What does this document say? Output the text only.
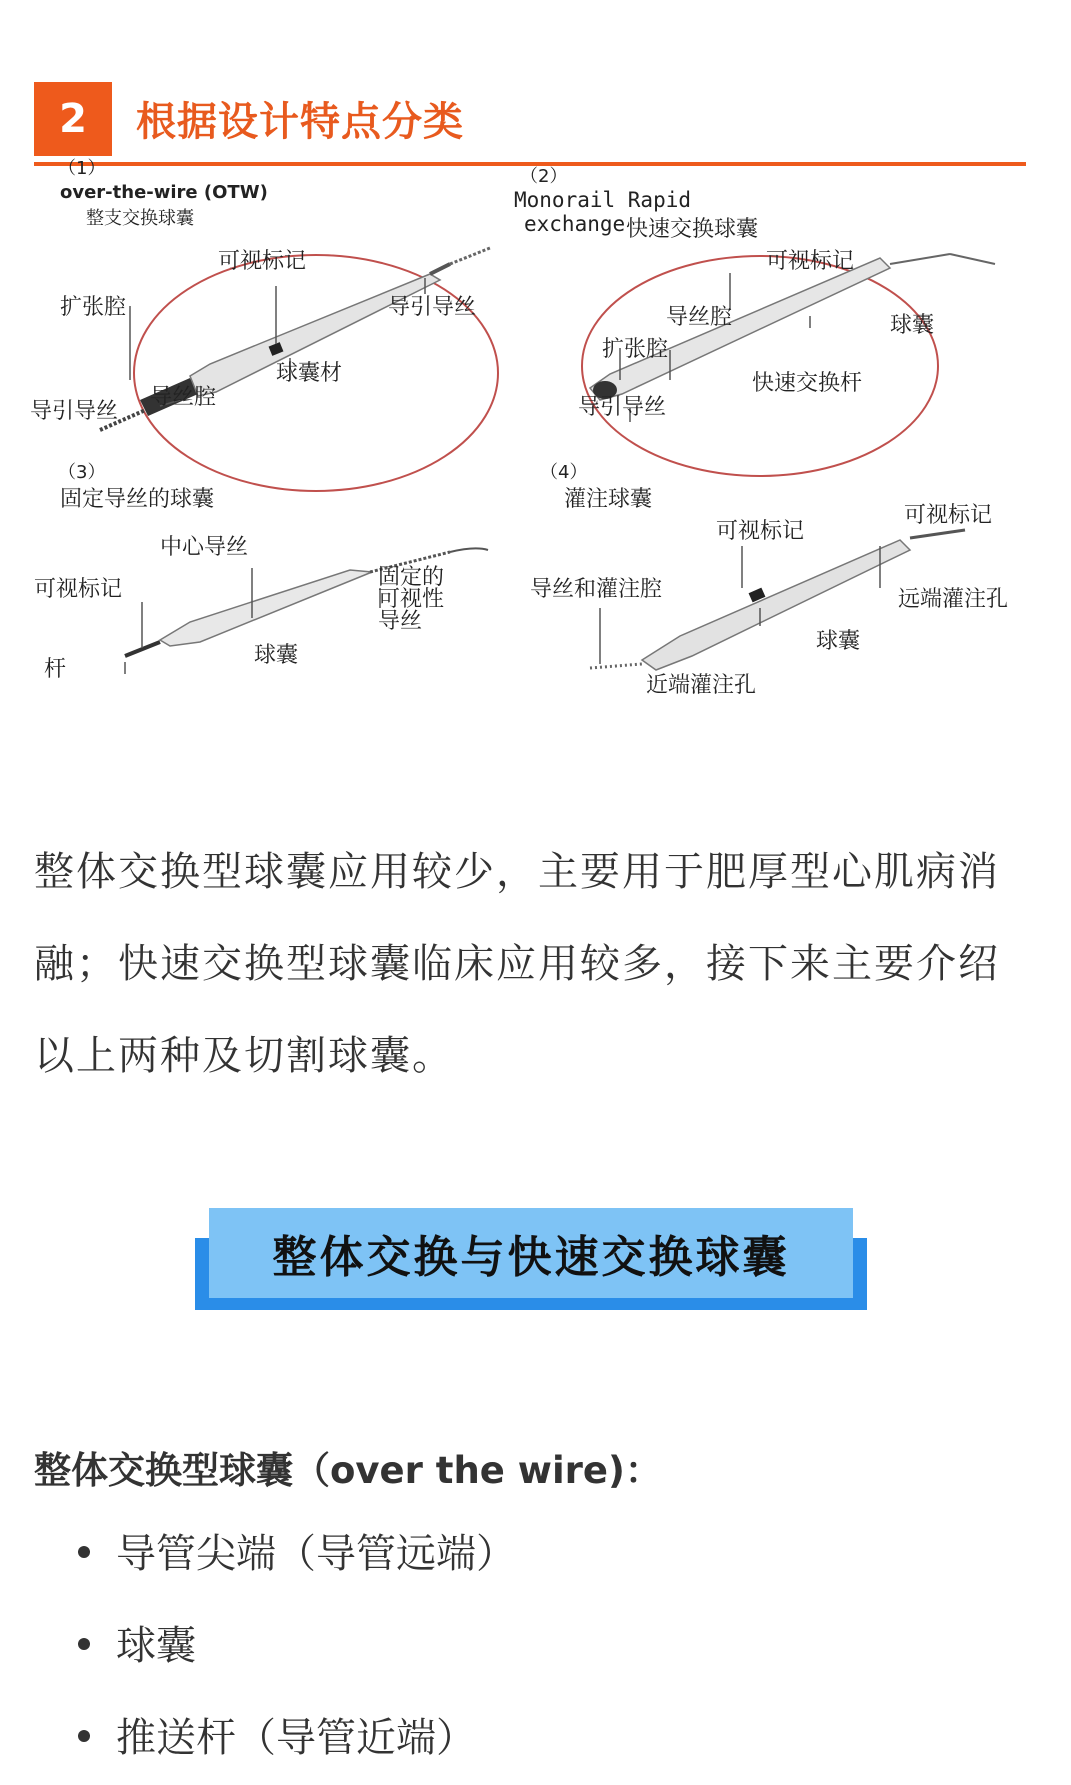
2	根据设计特点分类
（1）
over-the-wire (OTW)
整支交换球囊
可视标记
扩张腔	导引导丝
球囊材
导丝腔
导引导丝
（2）
Monorail Rapid
exchange 快速交换球囊
可视标记
导丝腔	球囊
扩张腔
快速交换杆
导引导丝
（3）
固定导丝的球囊
中心导丝
可视标记	固定的
可视性
导丝
球囊
杆
（4）
灌注球囊
可视标记
可视标记
导丝和灌注腔	远端灌注孔
球囊
近端灌注孔
整体交换型球囊应用较少，主要用于肥厚型心肌病消
融；快速交换型球囊临床应用较多，接下来主要介绍
以上两种及切割球囊。
整体交换与快速交换球囊
整体交换型球囊（over the wire)：
导管尖端（导管远端）
球囊
推送杆（导管近端）
